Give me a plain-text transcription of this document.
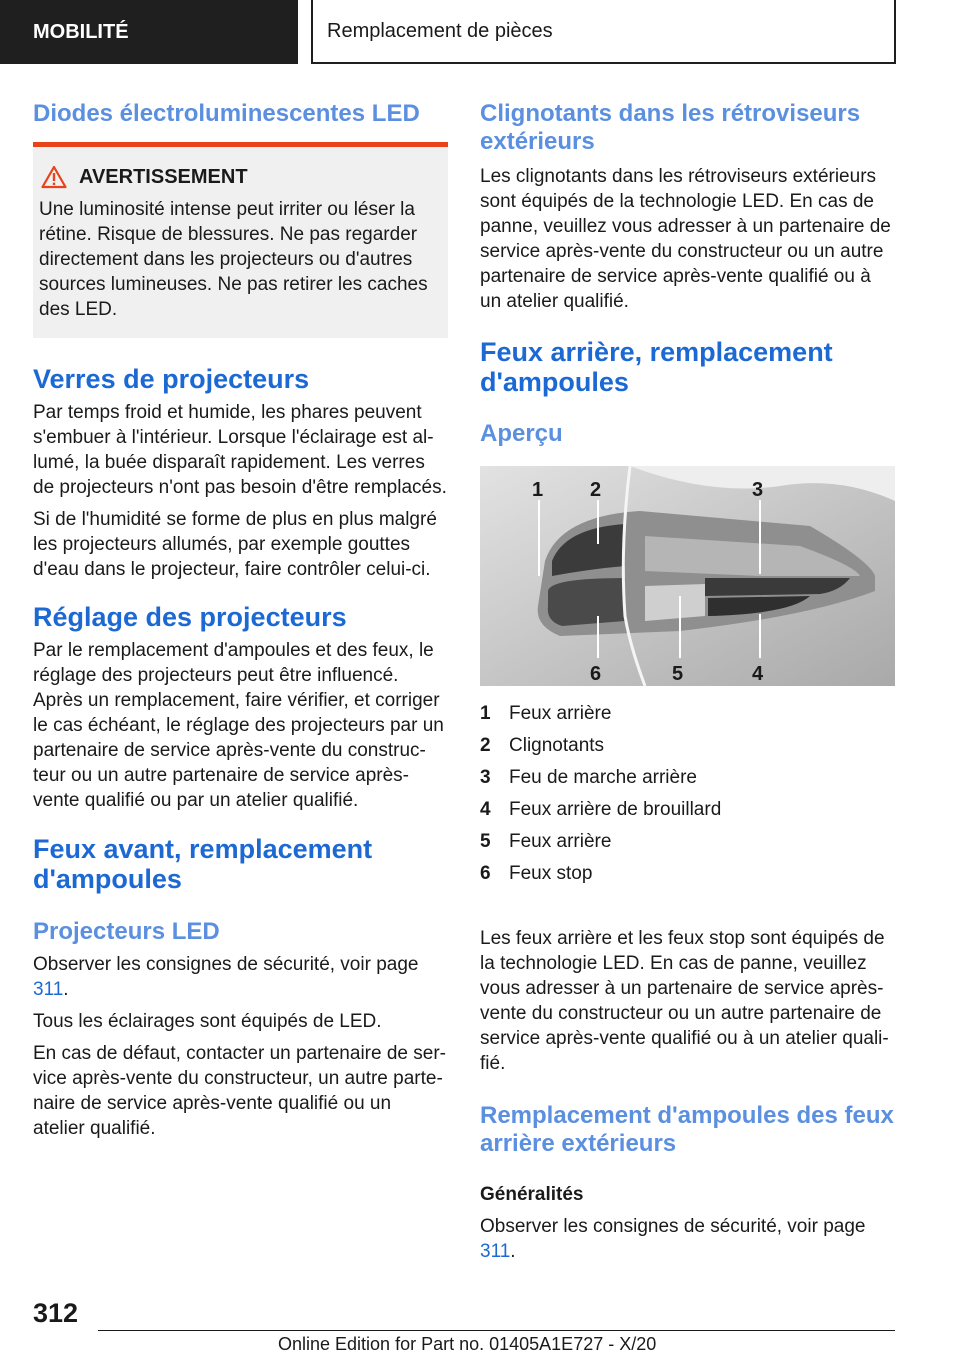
MOBILITÉ	Remplacement de pièces
Diodes électroluminescentes LED
AVERTISSEMENT

Une luminosité intense peut irriter ou léser la rétine. Risque de blessures. Ne pas regarder directement dans les projecteurs ou d'autres sources lumineuses. Ne pas retirer les caches des LED.

Verres de projecteurs

Par temps froid et humide, les phares peuvent s'embuer à l'intérieur. Lorsque l'éclairage est allumé, la buée disparaît rapidement. Les verres de projecteurs n'ont pas besoin d'être remplacés.

Si de l'humidité se forme de plus en plus malgré les projecteurs allumés, par exemple gouttes d'eau dans le projecteur, faire contrôler celui-ci.

Réglage des projecteurs

Par le remplacement d'ampoules et des feux, le réglage des projecteurs peut être influencé. Après un remplacement, faire vérifier, et corriger le cas échéant, le réglage des projecteurs par un partenaire de service après-vente du constructeur ou un autre partenaire de service après-vente qualifié ou par un atelier qualifié.

Feux avant, remplacement d'ampoules
Projecteurs LED

Observer les consignes de sécurité, voir page 311.

Tous les éclairages sont équipés de LED.

En cas de défaut, contacter un partenaire de service après-vente du constructeur, un autre partenaire de service après-vente qualifié ou un atelier qualifié.

Clignotants dans les rétroviseurs extérieurs

Les clignotants dans les rétroviseurs extérieurs sont équipés de la technologie LED. En cas de panne, veuillez vous adresser à un partenaire de service après-vente du constructeur ou un autre partenaire de service après-vente qualifié ou à un atelier qualifié.

Feux arrière, remplacement d'ampoules
Aperçu
1 2	3
4
5
6
1 Feux arrière
2 Clignotants
3 Feu de marche arrière
4 Feux arrière de brouillard
5 Feux arrière
6 Feux stop

Les feux arrière et les feux stop sont équipés de la technologie LED. En cas de panne, veuillez vous adresser à un partenaire de service après-vente du constructeur ou un autre partenaire de service après-vente qualifié ou à un atelier qualifié.

Remplacement d'ampoules des feux arrière extérieurs
Généralités

Observer les consignes de sécurité, voir page 311.

312
Online Edition for Part no. 01405A1E727 - X/20
